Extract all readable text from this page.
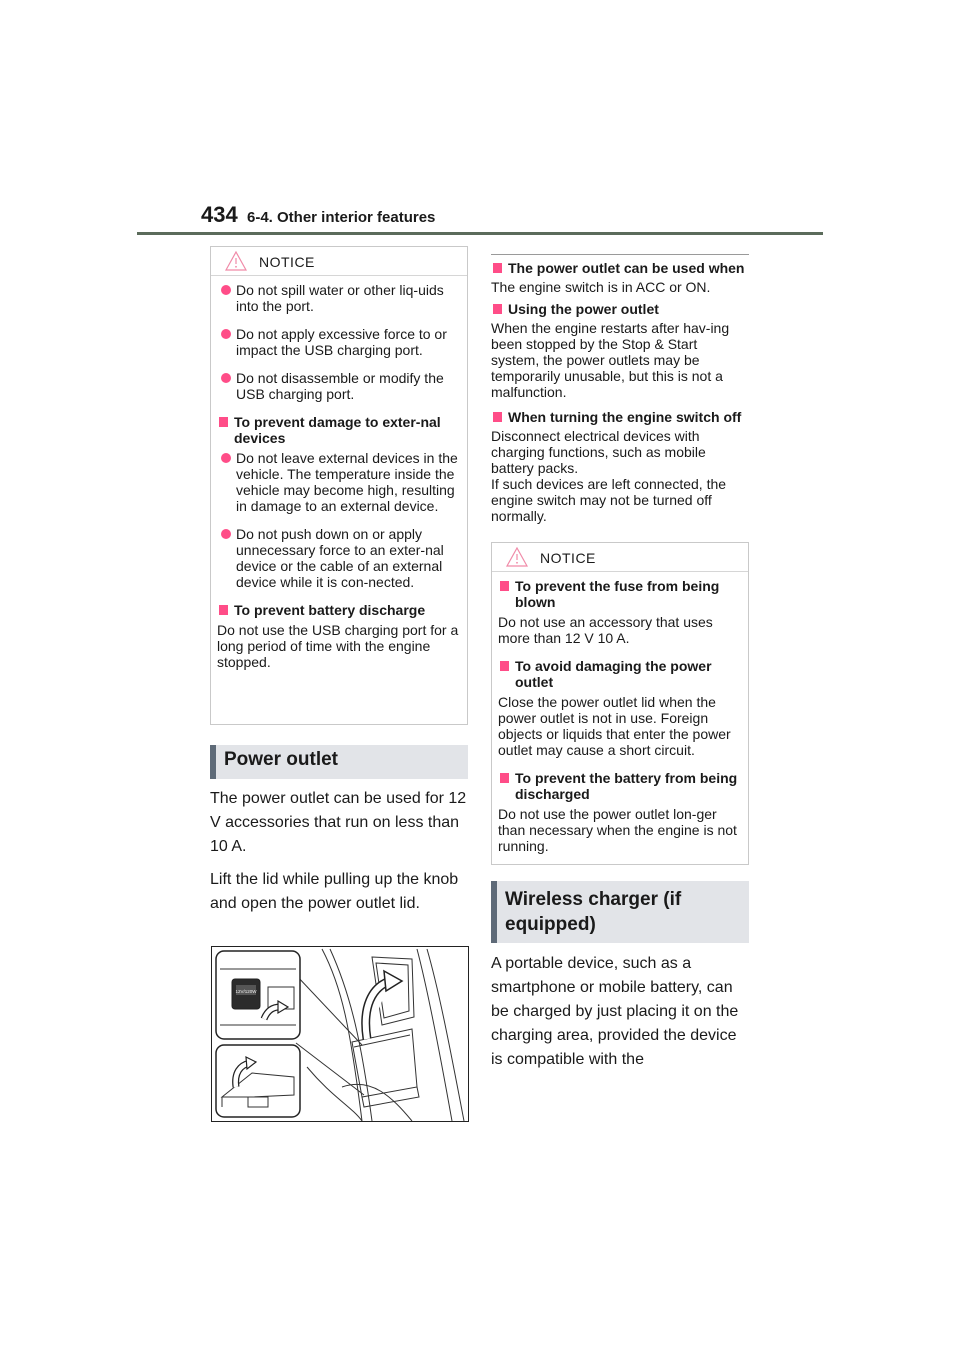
434 6-4. Other interior features
NOTICE

Do not spill water or other liq-uids into the port.

Do not apply excessive force to or impact the USB charging port.

Do not disassemble or modify the USB charging port.

To prevent damage to exter-nal devices

Do not leave external devices in the vehicle. The temperature inside the vehicle may become high, resulting in damage to an external device.

Do not push down on or apply unnecessary force to an exter-nal device or the cable of an external device while it is con-nected.

To prevent battery discharge

Do not use the USB charging port for a long period of time with the engine stopped.

Power outlet

The power outlet can be used for 12 V accessories that run on less than 10 A.

Lift the lid while pulling up the knob and open the power outlet lid.

12V/120W

The power outlet can be used when

The engine switch is in ACC or ON.

Using the power outlet

When the engine restarts after hav-ing been stopped by the Stop & Start system, the power outlets may be temporarily unusable, but this is not a malfunction.

When turning the engine switch off

Disconnect electrical devices with charging functions, such as mobile battery packs.

If such devices are left connected, the engine switch may not be turned off normally.

NOTICE

To prevent the fuse from being blown

Do not use an accessory that uses more than 12 V 10 A.

To avoid damaging the power outlet

Close the power outlet lid when the power outlet is not in use. Foreign objects or liquids that enter the power outlet may cause a short circuit.

To prevent the battery from being discharged

Do not use the power outlet lon-ger than necessary when the engine is not running.

Wireless charger (if equipped)

A portable device, such as a smartphone or mobile battery, can be charged by just placing it on the charging area, provided the device is compatible with the
